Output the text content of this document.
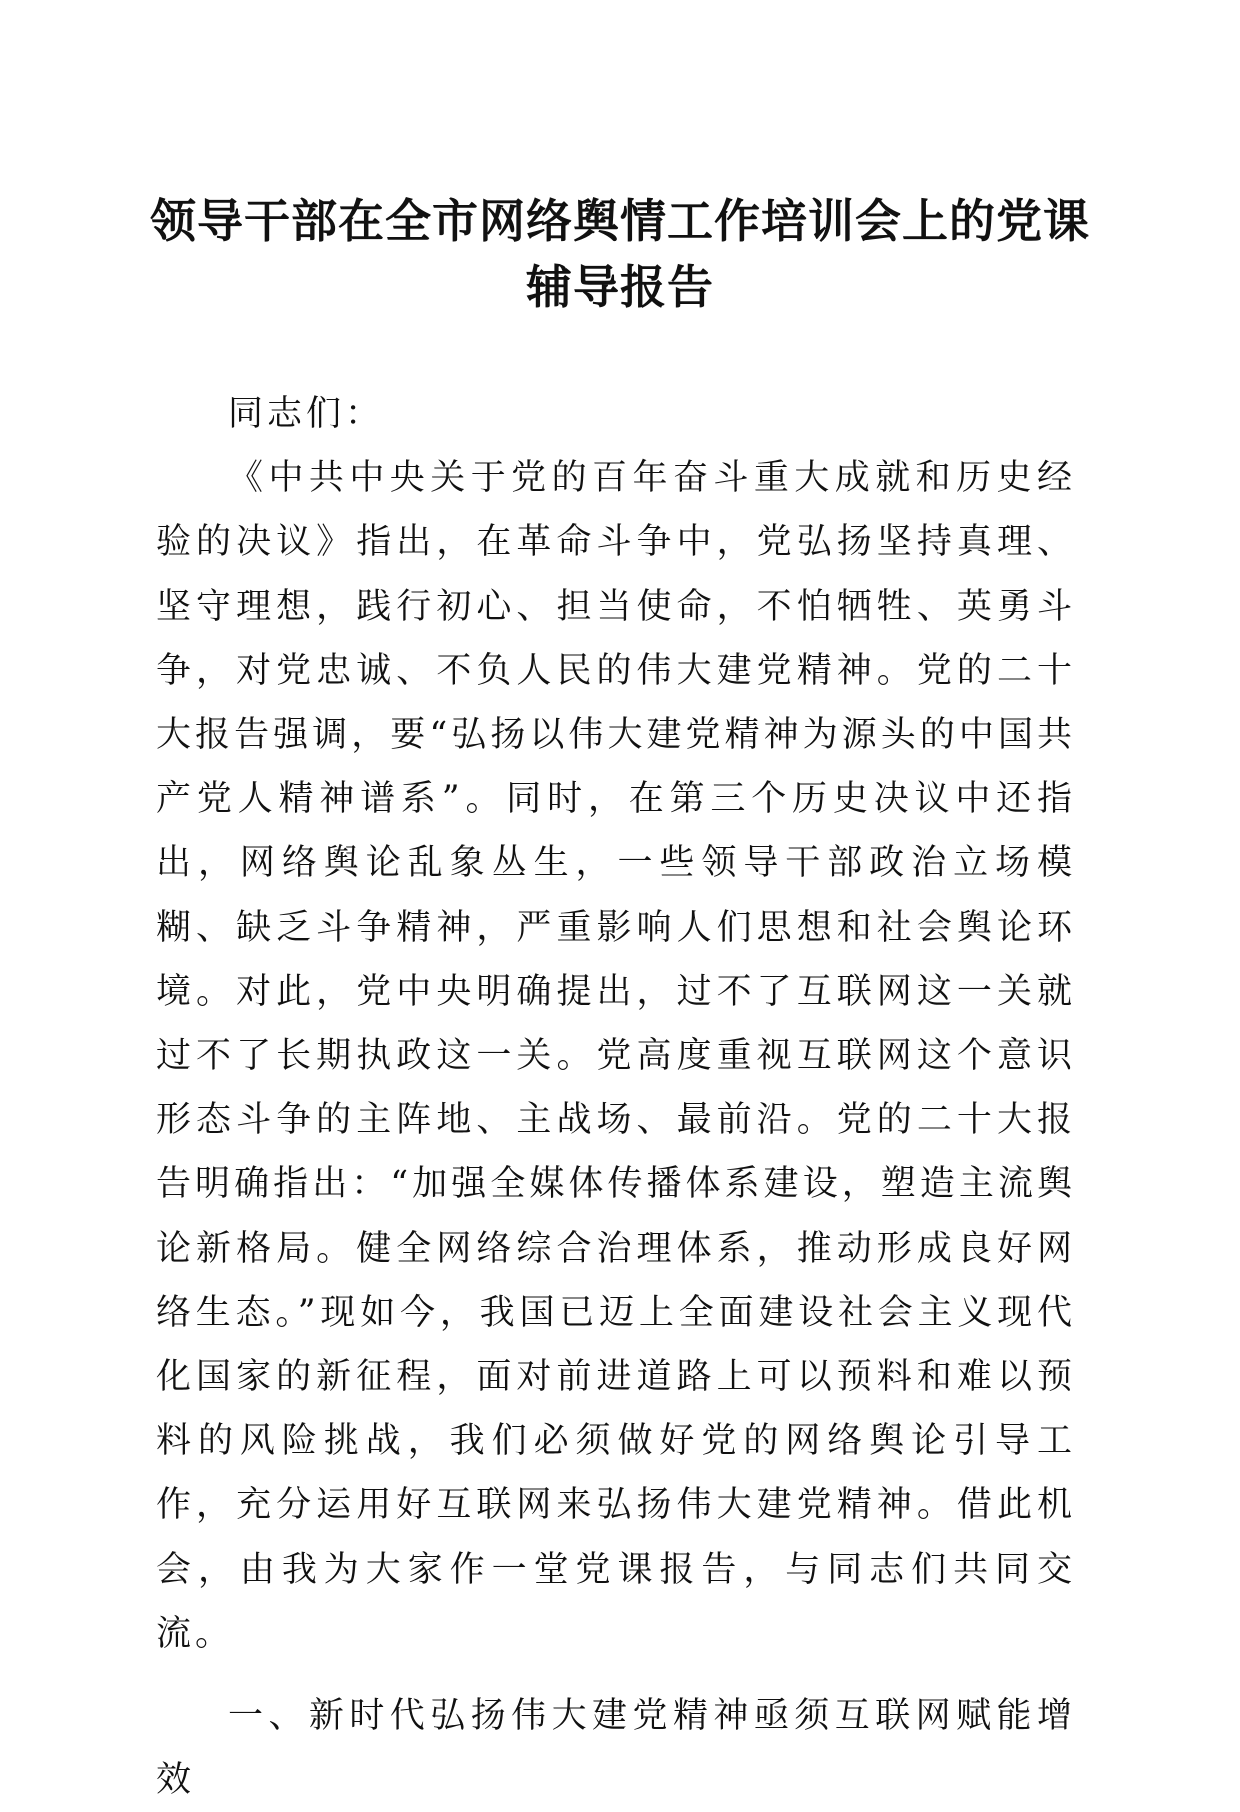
领导干部在全市网络舆情工作培训会上的党课
辅导报告

同志们：

《中共中央关于党的百年奋斗重大成就和历史经验的决议》指出，在革命斗争中，党弘扬坚持真理、坚守理想，践行初心、担当使命，不怕牺牲、英勇斗争，对党忠诚、不负人民的伟大建党精神。党的二十大报告强调，要“弘扬以伟大建党精神为源头的中国共产党人精神谱系”。同时，在第三个历史决议中还指出，网络舆论乱象丛生，一些领导干部政治立场模糊、缺乏斗争精神，严重影响人们思想和社会舆论环境。对此，党中央明确提出，过不了互联网这一关就过不了长期执政这一关。党高度重视互联网这个意识形态斗争的主阵地、主战场、最前沿。党的二十大报告明确指出：“加强全媒体传播体系建设，塑造主流舆论新格局。健全网络综合治理体系，推动形成良好网络生态。”现如今，我国已迈上全面建设社会主义现代化国家的新征程，面对前进道路上可以预料和难以预料的风险挑战，我们必须做好党的网络舆论引导工作，充分运用好互联网来弘扬伟大建党精神。借此机会，由我为大家作一堂党课报告，与同志们共同交流。

一、新时代弘扬伟大建党精神亟须互联网赋能增效
